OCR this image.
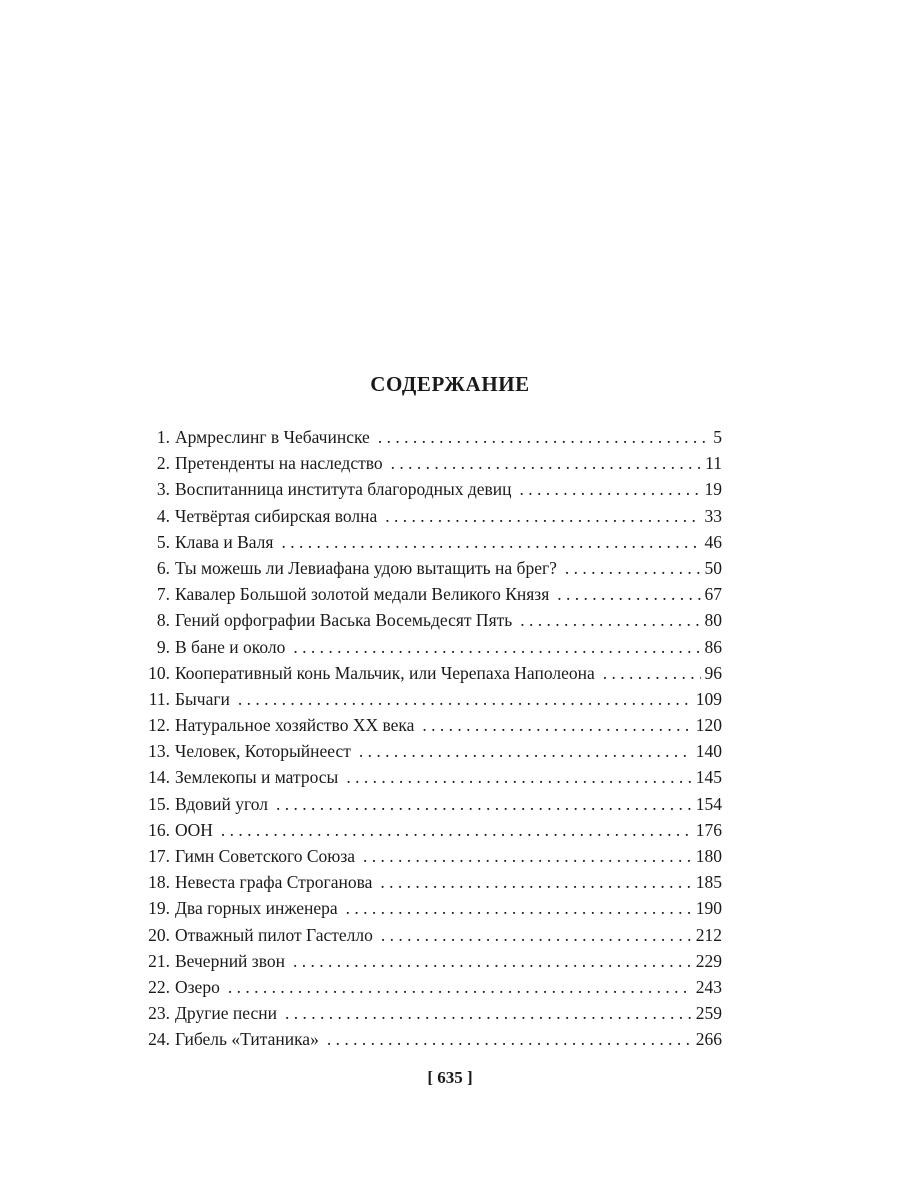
СОДЕРЖАНИЕ
1. Армреслинг в Чебачинске . . .	5
2. Претенденты на наследство . . .	11
3. Воспитанница института благородных девиц . . .	19
4. Четвёртая сибирская волна . . .	33
5. Клава и Валя . . .	46
6. Ты можешь ли Левиафана удою вытащить на брег? . . .	50
7. Кавалер Большой золотой медали Великого Князя . . .	67
8. Гений орфографии Васька Восемьдесят Пять . . .	80
9. В бане и около . . .	86
10. Кооперативный конь Мальчик, или Черепаха Наполеона . . .	96
11. Бычаги . . .	109
12. Натуральное хозяйство XX века . . .	120
13. Человек, Которыйнеест . . .	140
14. Землекопы и матросы . . .	145
15. Вдовий угол . . .	154
16. ООН . . .	176
17. Гимн Советского Союза . . .	180
18. Невеста графа Строганова . . .	185
19. Два горных инженера . . .	190
20. Отважный пилот Гастелло . . .	212
21. Вечерний звон . . .	229
22. Озеро . . .	243
23. Другие песни . . .	259
24. Гибель «Титаника» . . .	266
[ 635 ]
